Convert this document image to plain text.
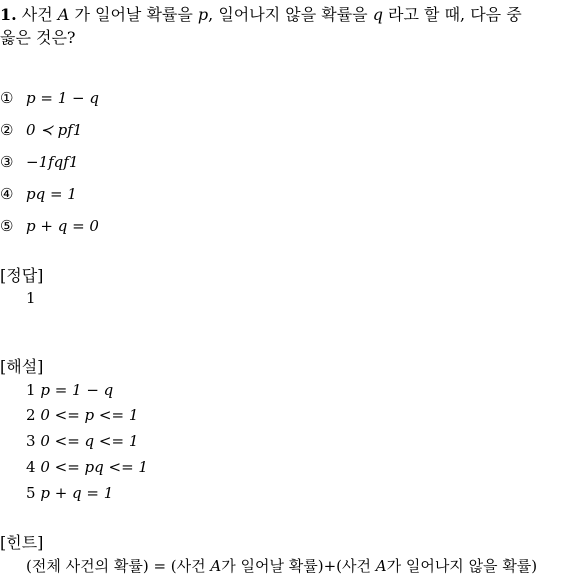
1. 사건 A 가 일어날 확률을 p, 일어나지 않을 확률을 q 라고 할 때, 다음 중
옳은 것은?
① p = 1 − q
② 0 ≺ pf1
③ −1fqf1
④ pq = 1
⑤ p + q = 0
[정답]
1
[해설]
1 p = 1 − q
2 0 <= p <= 1
3 0 <= q <= 1
4 0 <= pq <= 1
5 p + q = 1
[힌트]
(전체 사건의 확률) = (사건 A가 일어날 확률)+(사건 A가 일어나지 않을 확률)
